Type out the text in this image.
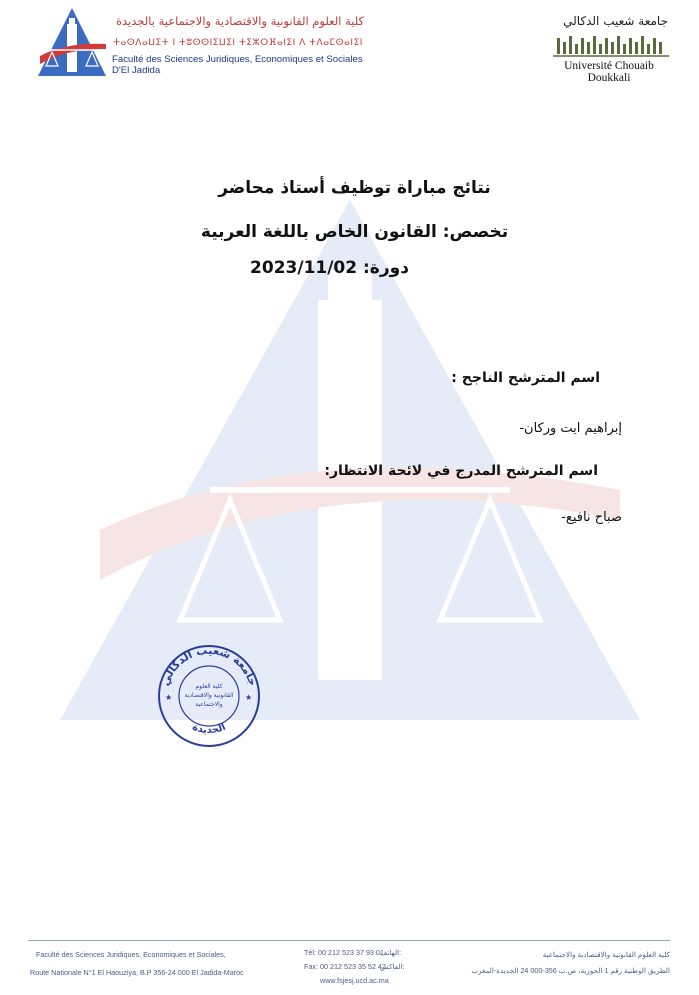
كلية العلوم القانونية والاقتصادية والاجتماعية بالجديدة
ⵜⴰⵙⴷⴰⵡⵉⵜ ⵏ ⵜⵓⵙⵙⵏⵉⵡⵉⵏ ⵜⵉⵣⵔⴼⴰⵏⵉⵏ ⴷ ⵜⴷⴰⵎⵙⴰⵏⵉⵏ
Faculté des Sciences Juridiques, Economiques et Sociales D'El Jadida
جامعة شعيب الدكالي
Université Chouaib Doukkali
نتائج مباراة توظيف أستاذ محاضر
تخصص: القانون الخاص باللغة العربية
دورة: 2023/11/02
اسم المترشح الناجح :
إبراهيم ايت وركان-
اسم المترشح المدرج في لائحة الانتظار:
صباح نافيع-
جامعة شعيب الدكالي
الجديدة
كلية العلوم
القانونية والاقتصادية
والاجتماعية
★	★
Faculté des Sciences Juridiques, Economiques et Sociales,
Route Nationale N°1 El Haouziya, B.P 356-24 000 El Jadida-Maroc
Tél: 00 212 523 37 93 01
Fax: 00 212 523 35 52 42
www.fsjesj.ucd.ac.ma
الهاتف:
الفاكس:
كلية العلوم القانونية والاقتصادية والاجتماعية
الطريق الوطنية رقم 1 الحوزية، ص.ب 356-000 24 الجديدة-المغرب
